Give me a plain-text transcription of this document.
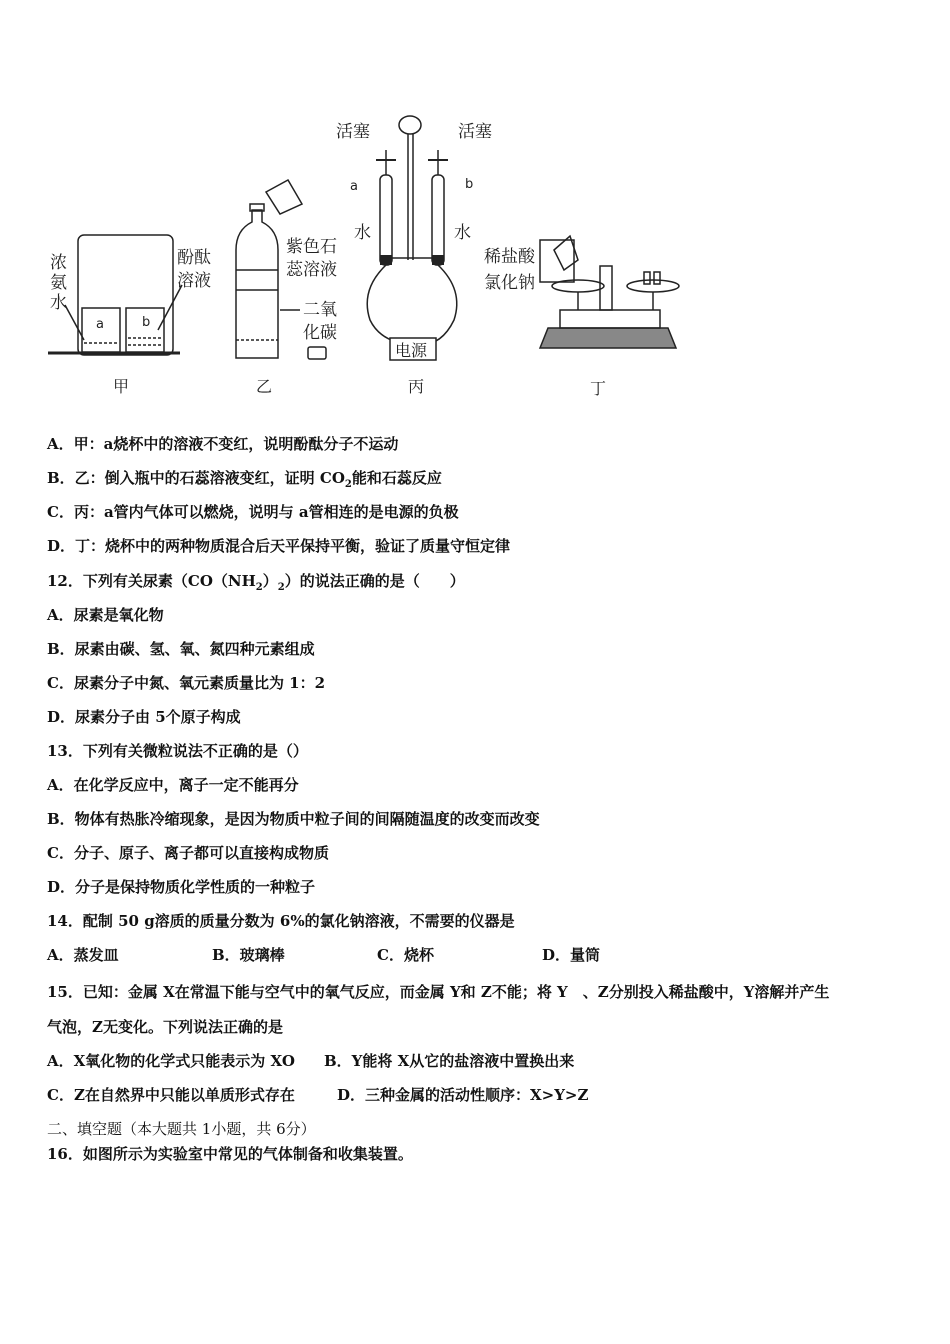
浓
氨
水
酚酞
溶液
a	b
甲
紫色石
蕊溶液
二氧
化碳
乙
活塞	活塞
a	b
水	水
电源
丙
稀盐酸
氯化钠
丁
A．甲：a烧杯中的溶液不变红，说明酚酞分子不运动
B．乙：倒入瓶中的石蕊溶液变红，证明 $CO_2$能和石蕊反应
C．丙：a管内气体可以燃烧，说明与 a管相连的是电源的负极
D．丁：烧杯中的两种物质混合后天平保持平衡，验证了质量守恒定律
12．下列有关尿素$(CO(NH_2)_2)$的说法正确的是（　　）
A．尿素是氧化物
B．尿素由碳、氢、氧、氮四种元素组成
C．尿素分子中氮、氧元素质量比为 1：2
D．尿素分子由 5个原子构成
13．下列有关微粒说法不正确的是（）
A．在化学反应中，离子一定不能再分
B．物体有热胀冷缩现象，是因为物质中粒子间的间隔随温度的改变而改变
C．分子、原子、离子都可以直接构成物质
D．分子是保持物质化学性质的一种粒子
14．配制 50 g溶质的质量分数为 6%的氯化钠溶液，不需要的仪器是
A．蒸发皿	B．玻璃棒	C．烧杯	D．量筒
15．已知：金属 X在常温下能与空气中的氧气反应，而金属 Y和 Z不能；将 Y　、Z分别投入稀盐酸中，Y溶解并产生
气泡，Z无变化。下列说法正确的是
A．X氧化物的化学式只能表示为 XO B．Y能将 X从它的盐溶液中置换出来
C．Z在自然界中只能以单质形式存在	D．三种金属的活动性顺序：X>Y>Z
二、填空题（本大题共 1小题，共 6分）
16．如图所示为实验室中常见的气体制备和收集装置。
